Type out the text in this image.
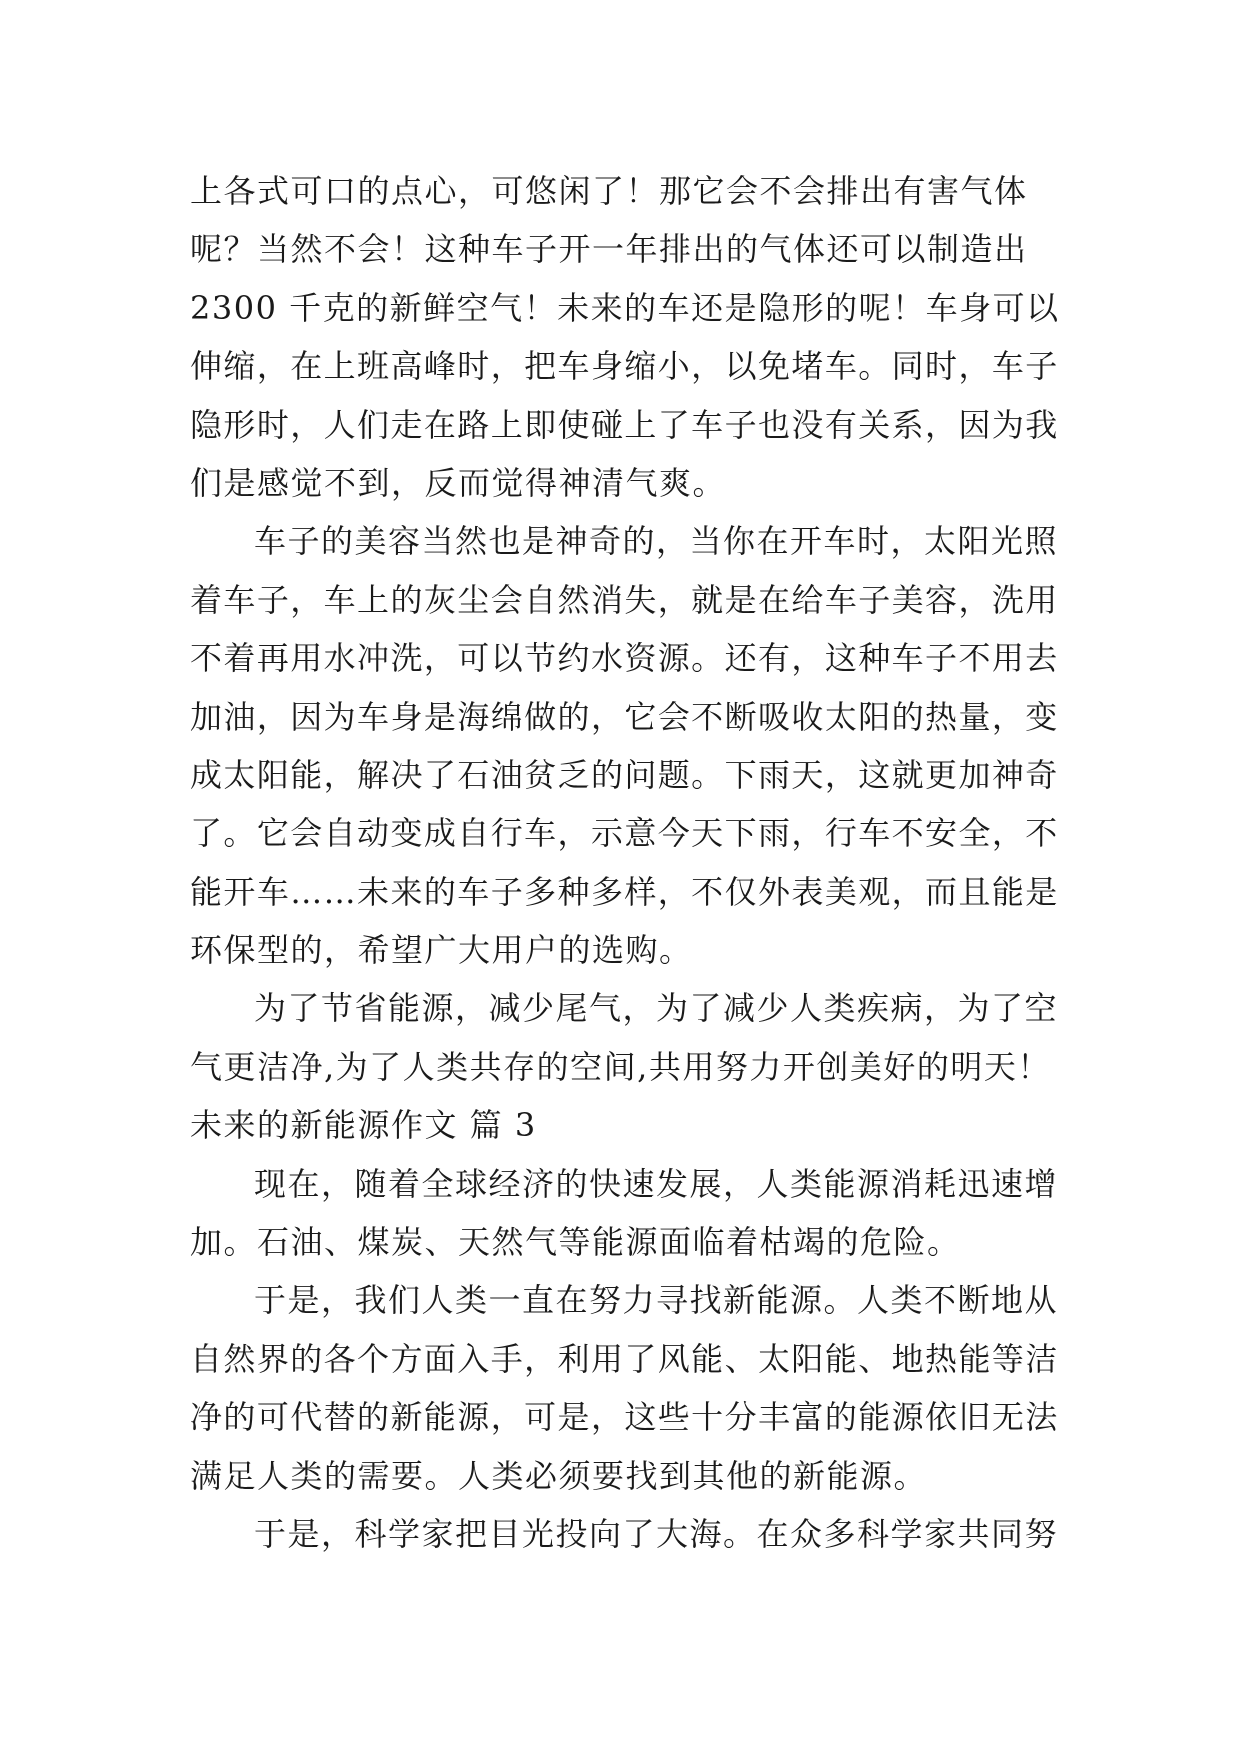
上各式可口的点心，可悠闲了！那它会不会排出有害气体
呢？当然不会！这种车子开一年排出的气体还可以制造出
2300 千克的新鲜空气！未来的车还是隐形的呢！车身可以
伸缩，在上班高峰时，把车身缩小，以免堵车。同时，车子
隐形时，人们走在路上即使碰上了车子也没有关系，因为我
们是感觉不到，反而觉得神清气爽。
车子的美容当然也是神奇的，当你在开车时，太阳光照
着车子，车上的灰尘会自然消失，就是在给车子美容，洗用
不着再用水冲洗，可以节约水资源。还有，这种车子不用去
加油，因为车身是海绵做的，它会不断吸收太阳的热量，变
成太阳能，解决了石油贫乏的问题。下雨天，这就更加神奇
了。它会自动变成自行车，示意今天下雨，行车不安全，不
能开车……未来的车子多种多样，不仅外表美观，而且能是
环保型的，希望广大用户的选购。
为了节省能源，减少尾气，为了减少人类疾病，为了空
气更洁净,为了人类共存的空间,共用努力开创美好的明天！
未来的新能源作文 篇 3
现在，随着全球经济的快速发展，人类能源消耗迅速增
加。石油、煤炭、天然气等能源面临着枯竭的危险。
于是，我们人类一直在努力寻找新能源。人类不断地从
自然界的各个方面入手，利用了风能、太阳能、地热能等洁
净的可代替的新能源，可是，这些十分丰富的能源依旧无法
满足人类的需要。人类必须要找到其他的新能源。
于是，科学家把目光投向了大海。在众多科学家共同努
